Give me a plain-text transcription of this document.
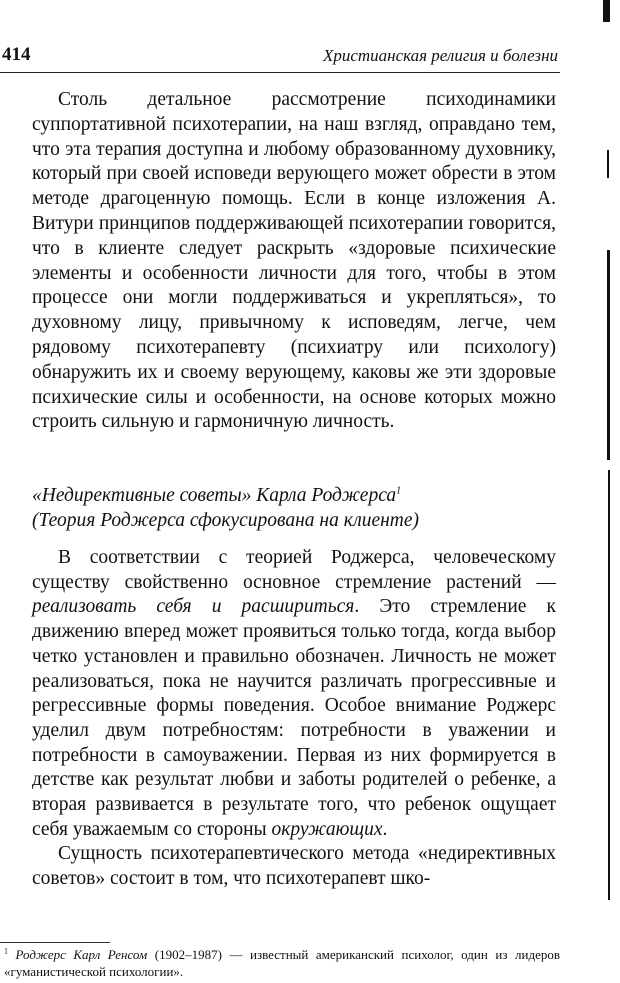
414	Христианская религия и болезни

Столь детальное рассмотрение психодинамики суппортативной психотерапии, на наш взгляд, оправдано тем, что эта терапия доступна и любому образованному духовнику, который при своей исповеди верующего может обрести в этом методе драгоценную помощь. Если в конце изложения А. Витури принципов поддерживающей психотерапии говорится, что в клиенте следует раскрыть «здоровые психические элементы и особенности личности для того, чтобы в этом процессе они могли поддерживаться и укрепляться», то духовному лицу, привычному к исповедям, легче, чем рядовому психотерапевту (психиатру или психологу) обнаружить их и своему верующему, каковы же эти здоровые психические силы и особенности, на основе которых можно строить сильную и гармоничную личность.

«Недирективные советы» Карла Роджерса$^1$
(Теория Роджерса сфокусирована на клиенте)

В соответствии с теорией Роджерса, человеческому существу свойственно основное стремление растений — реализовать себя и расшириться. Это стремление к движению вперед может проявиться только тогда, когда выбор четко установлен и правильно обозначен. Личность не может реализоваться, пока не научится различать прогрессивные и регрессивные формы поведения. Особое внимание Роджерс уделил двум потребностям: потребности в уважении и потребности в самоуважении. Первая из них формируется в детстве как результат любви и заботы родителей о ребенке, а вторая развивается в результате того, что ребенок ощущает себя уважаемым со стороны окружающих.

Сущность психотерапевтического метода «недирективных советов» состоит в том, что психотерапевт шко-

$^1$ Роджерс Карл Ренсом (1902–1987) — известный американский психолог, один из лидеров «гуманистической психологии».
